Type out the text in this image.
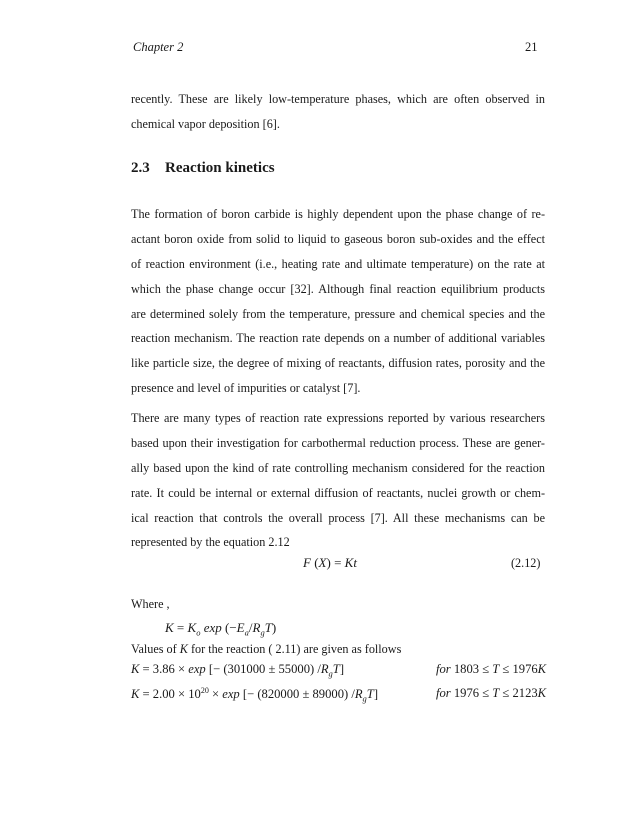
Chapter 2	21
recently. These are likely low-temperature phases, which are often observed in
chemical vapor deposition [6].
2.3 Reaction kinetics
The formation of boron carbide is highly dependent upon the phase change of re-
actant boron oxide from solid to liquid to gaseous boron sub-oxides and the effect
of reaction environment (i.e., heating rate and ultimate temperature) on the rate at
which the phase change occur [32]. Although final reaction equilibrium products
are determined solely from the temperature, pressure and chemical species and the
reaction mechanism. The reaction rate depends on a number of additional variables
like particle size, the degree of mixing of reactants, diffusion rates, porosity and the
presence and level of impurities or catalyst [7].
There are many types of reaction rate expressions reported by various researchers
based upon their investigation for carbothermal reduction process. These are gener-
ally based upon the kind of rate controlling mechanism considered for the reaction
rate. It could be internal or external diffusion of reactants, nuclei growth or chem-
ical reaction that controls the overall process [7]. All these mechanisms can be
represented by the equation 2.12
F (X) = Kt	(2.12)
Where ,
$K = K_o$ $\exp (-E_a/R_gT)$
Values of K for the reaction ( 2.11) are given as follows
K = 3.86 × exp [− (301000 ± 55000) $/R_gT$]	for 1803 ≤ T ≤ 1976K
$K = 2.00 \times 10^{20} \times \exp$ [− (820000 ± 89000) $/R_gT$]	for 1976 ≤ T ≤ 2123K
